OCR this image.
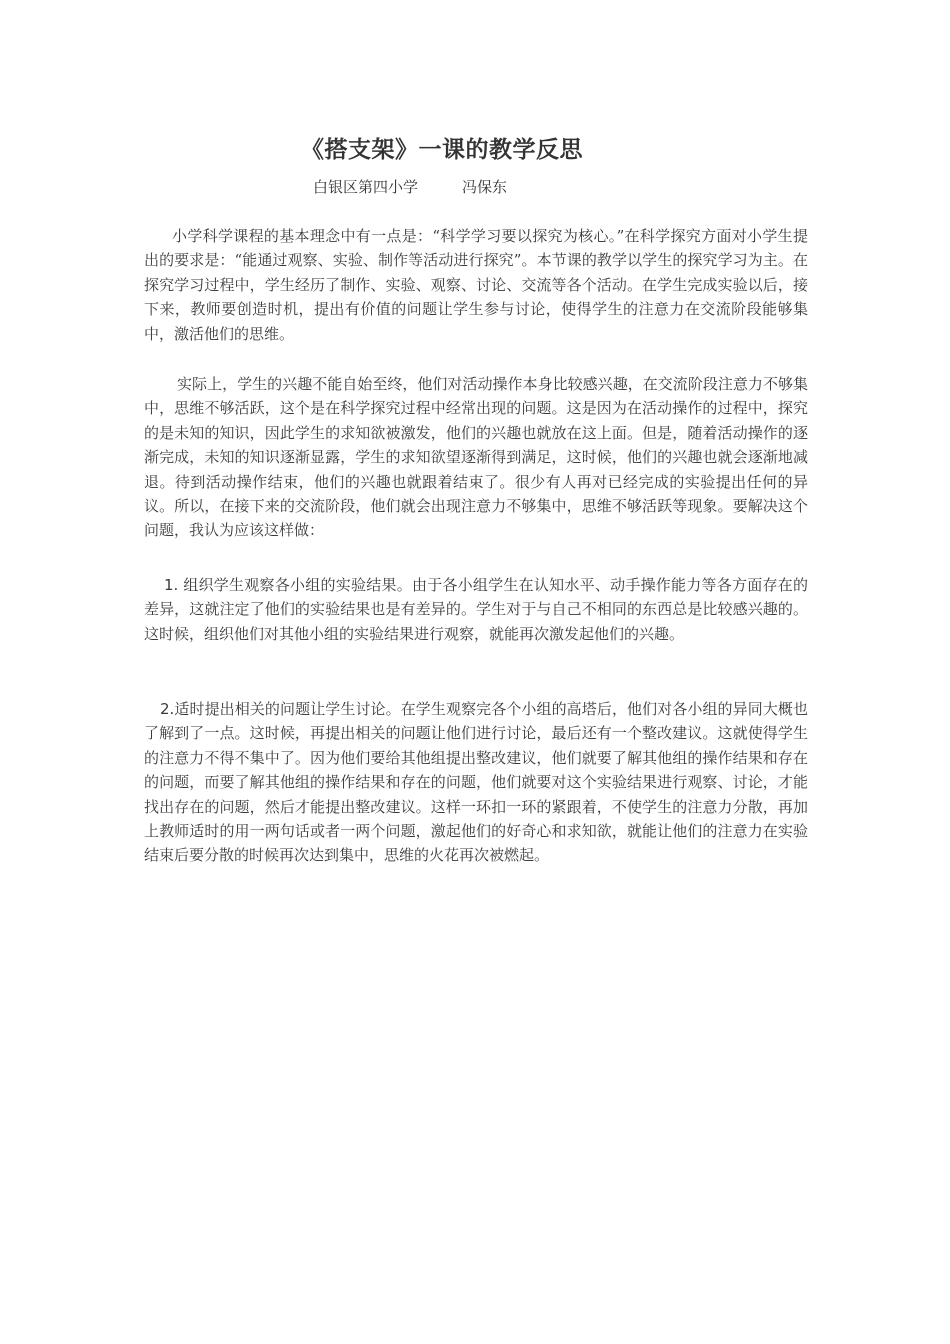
《搭支架》一课的教学反思
白银区第四小学	冯保东

小学科学课程的基本理念中有一点是：“科学学习要以探究为核心。”在科学探究方面对小学生提出的要求是：“能通过观察、实验、制作等活动进行探究”。本节课的教学以学生的探究学习为主。在探究学习过程中，学生经历了制作、实验、观察、讨论、交流等各个活动。在学生完成实验以后，接下来，教师要创造时机，提出有价值的问题让学生参与讨论，使得学生的注意力在交流阶段能够集中，激活他们的思维。

实际上，学生的兴趣不能自始至终，他们对活动操作本身比较感兴趣，在交流阶段注意力不够集中，思维不够活跃，这个是在科学探究过程中经常出现的问题。这是因为在活动操作的过程中，探究的是未知的知识，因此学生的求知欲被激发，他们的兴趣也就放在这上面。但是，随着活动操作的逐渐完成，未知的知识逐渐显露，学生的求知欲望逐渐得到满足，这时候，他们的兴趣也就会逐渐地减退。待到活动操作结束，他们的兴趣也就跟着结束了。很少有人再对已经完成的实验提出任何的异议。所以，在接下来的交流阶段，他们就会出现注意力不够集中，思维不够活跃等现象。要解决这个问题，我认为应该这样做：

1. 组织学生观察各小组的实验结果。由于各小组学生在认知水平、动手操作能力等各方面存在的差异，这就注定了他们的实验结果也是有差异的。学生对于与自己不相同的东西总是比较感兴趣的。这时候，组织他们对其他小组的实验结果进行观察，就能再次激发起他们的兴趣。

2.适时提出相关的问题让学生讨论。在学生观察完各个小组的高塔后，他们对各小组的异同大概也了解到了一点。这时候，再提出相关的问题让他们进行讨论，最后还有一个整改建议。这就使得学生的注意力不得不集中了。因为他们要给其他组提出整改建议，他们就要了解其他组的操作结果和存在的问题，而要了解其他组的操作结果和存在的问题，他们就要对这个实验结果进行观察、讨论，才能找出存在的问题，然后才能提出整改建议。这样一环扣一环的紧跟着，不使学生的注意力分散，再加上教师适时的用一两句话或者一两个问题，激起他们的好奇心和求知欲，就能让他们的注意力在实验结束后要分散的时候再次达到集中，思维的火花再次被燃起。
